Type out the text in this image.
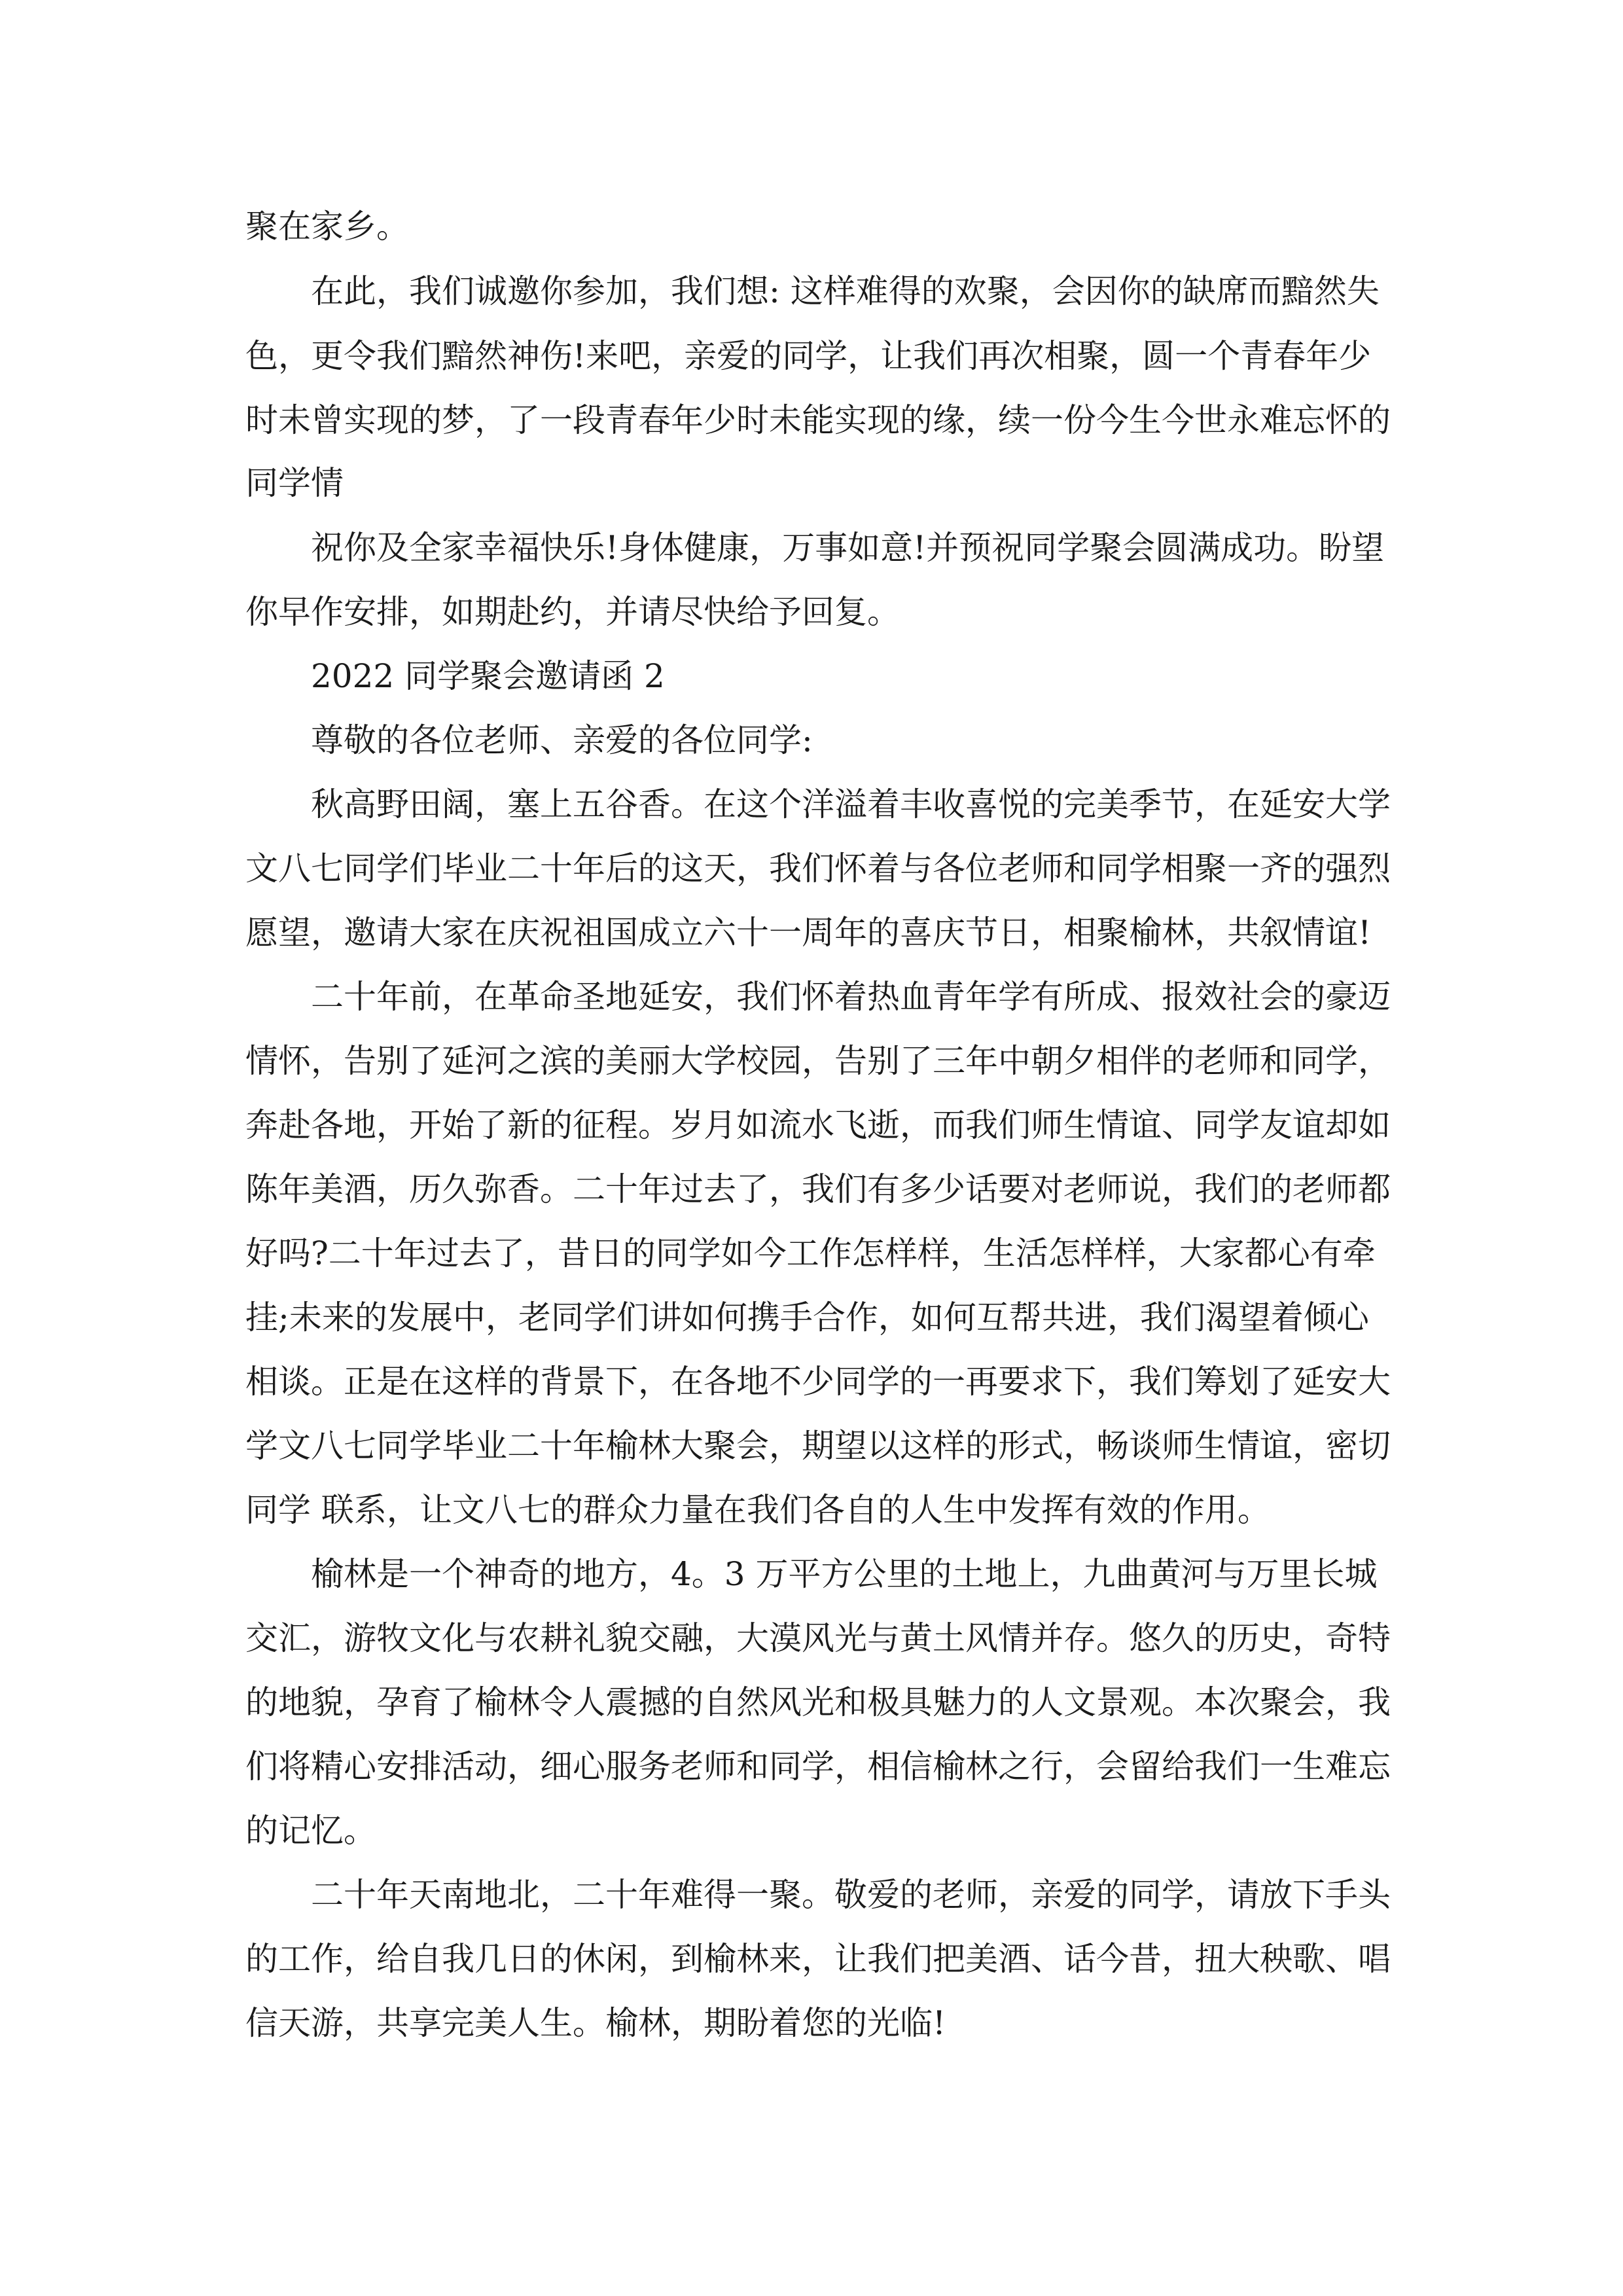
聚在家乡。
在此，我们诚邀你参加，我们想: 这样难得的欢聚，会因你的缺席而黯然失
色，更令我们黯然神伤!来吧，亲爱的同学，让我们再次相聚，圆一个青春年少
时未曾实现的梦，了一段青春年少时未能实现的缘，续一份今生今世永难忘怀的
同学情
祝你及全家幸福快乐!身体健康，万事如意!并预祝同学聚会圆满成功。盼望
你早作安排，如期赴约，并请尽快给予回复。
2022 同学聚会邀请函 2
尊敬的各位老师、亲爱的各位同学:
秋高野田阔，塞上五谷香。在这个洋溢着丰收喜悦的完美季节，在延安大学
文八七同学们毕业二十年后的这天，我们怀着与各位老师和同学相聚一齐的强烈
愿望，邀请大家在庆祝祖国成立六十一周年的喜庆节日，相聚榆林，共叙情谊!
二十年前，在革命圣地延安，我们怀着热血青年学有所成、报效社会的豪迈
情怀，告别了延河之滨的美丽大学校园，告别了三年中朝夕相伴的老师和同学，
奔赴各地，开始了新的征程。岁月如流水飞逝，而我们师生情谊、同学友谊却如
陈年美酒，历久弥香。二十年过去了，我们有多少话要对老师说，我们的老师都
好吗?二十年过去了，昔日的同学如今工作怎样样，生活怎样样，大家都心有牵
挂;未来的发展中，老同学们讲如何携手合作，如何互帮共进，我们渴望着倾心
相谈。正是在这样的背景下，在各地不少同学的一再要求下，我们筹划了延安大
学文八七同学毕业二十年榆林大聚会，期望以这样的形式，畅谈师生情谊，密切
同学 联系，让文八七的群众力量在我们各自的人生中发挥有效的作用。
榆林是一个神奇的地方，4。3 万平方公里的土地上，九曲黄河与万里长城
交汇，游牧文化与农耕礼貌交融，大漠风光与黄土风情并存。悠久的历史，奇特
的地貌，孕育了榆林令人震撼的自然风光和极具魅力的人文景观。本次聚会，我
们将精心安排活动，细心服务老师和同学，相信榆林之行，会留给我们一生难忘
的记忆。
二十年天南地北，二十年难得一聚。敬爱的老师，亲爱的同学，请放下手头
的工作，给自我几日的休闲，到榆林来，让我们把美酒、话今昔，扭大秧歌、唱
信天游，共享完美人生。榆林，期盼着您的光临!
